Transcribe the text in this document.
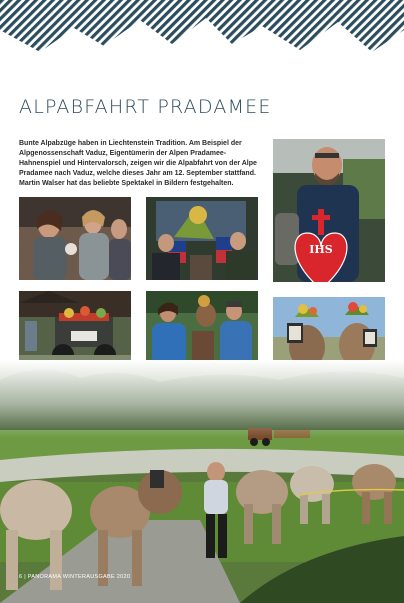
ALPABFAHRT PRADAMEE

Bunte Alpabzüge haben in Liechtenstein Tradition. Am Beispiel der Alpgenossenschaft Vaduz, Eigentümerin der Alpen Pradamee-Hahnenspiel und Hintervalorsch, zeigen wir die Alpabfahrt von der Alpe Pradamee nach Vaduz, welche dieses Jahr am 12. September stattfand. Martin Walser hat das beliebte Spektakel in Bildern festgehalten.

IHS
6 | PANORAMA WINTERAUSGABE 2020
